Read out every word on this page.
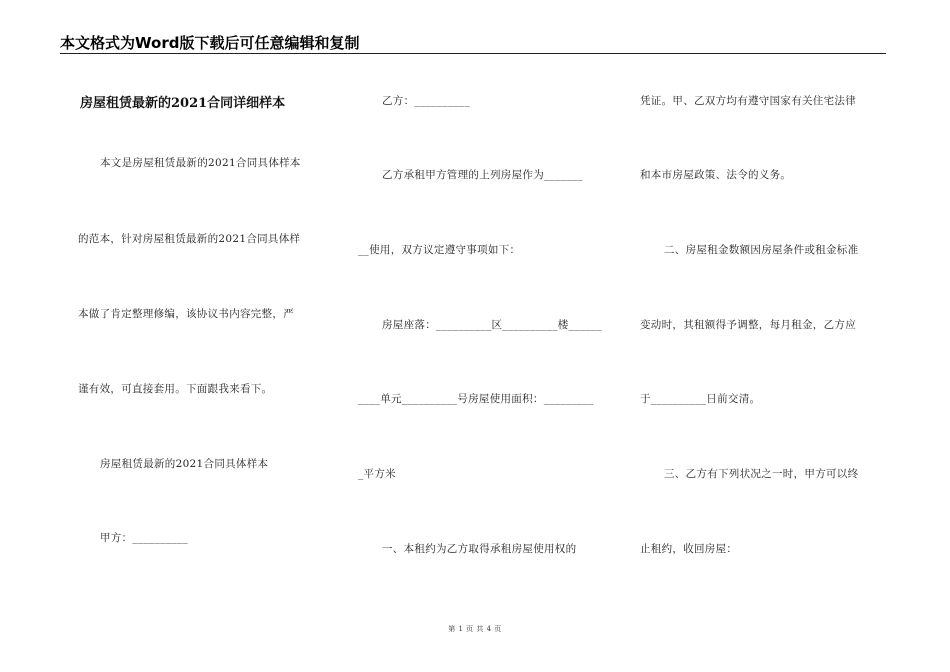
本文格式为Word版下载后可任意编辑和复制
房屋租赁最新的2021合同详细样本
本文是房屋租赁最新的2021合同具体样本
的范本，针对房屋租赁最新的2021合同具体样
本做了肯定整理修编，该协议书内容完整，严
谨有效，可直接套用。下面跟我来看下。
房屋租赁最新的2021合同具体样本
甲方：__________
乙方：__________
乙方承租甲方管理的上列房屋作为_______
__使用，双方议定遵守事项如下：
房屋座落：__________区__________楼______
____单元__________号房屋使用面积：_________
_平方米
一、本租约为乙方取得承租房屋使用权的
凭证。甲、乙双方均有遵守国家有关住宅法律
和本市房屋政策、法令的义务。
二、房屋租金数额因房屋条件或租金标准
变动时，其租额得予调整，每月租金，乙方应
于__________日前交清。
三、乙方有下列状况之一时，甲方可以终
止租约，收回房屋：
第 1 页 共 4 页
